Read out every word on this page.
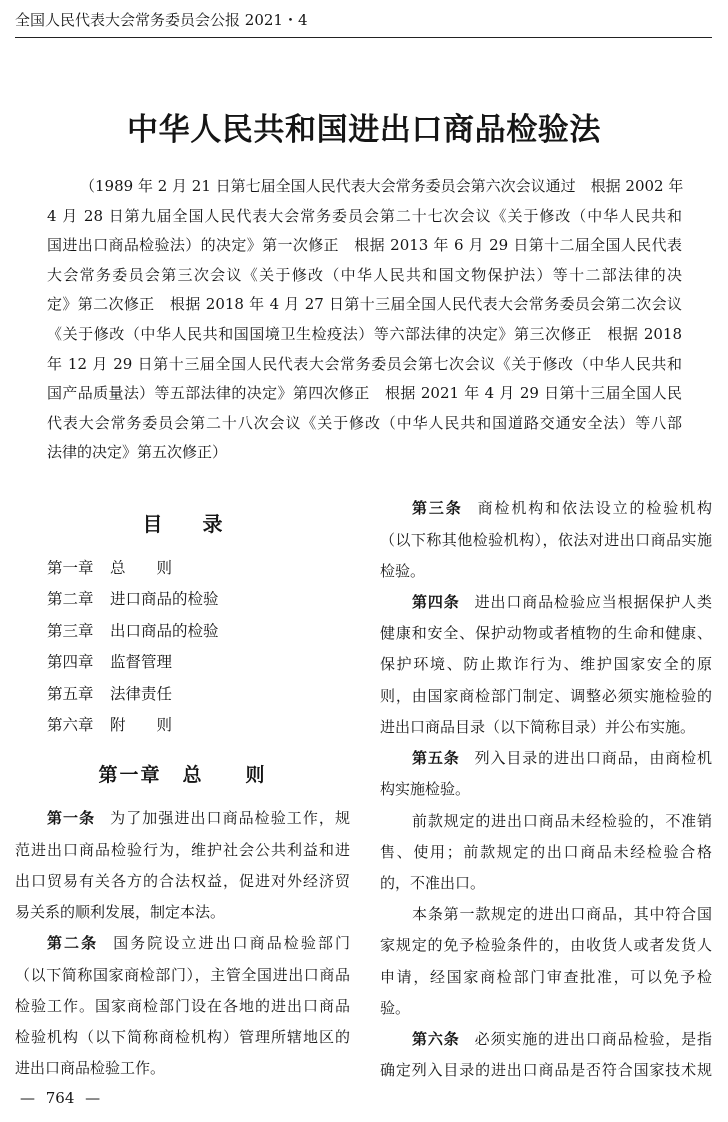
全国人民代表大会常务委员会公报 2021・4
中华人民共和国进出口商品检验法
（1989 年 2 月 21 日第七届全国人民代表大会常务委员会第六次会议通过　根据 2002 年
4 月 28 日第九届全国人民代表大会常务委员会第二十七次会议《关于修改（中华人民共和
国进出口商品检验法）的决定》第一次修正　根据 2013 年 6 月 29 日第十二届全国人民代表
大会常务委员会第三次会议《关于修改（中华人民共和国文物保护法）等十二部法律的决
定》第二次修正　根据 2018 年 4 月 27 日第十三届全国人民代表大会常务委员会第二次会议
《关于修改（中华人民共和国国境卫生检疫法）等六部法律的决定》第三次修正　根据 2018
年 12 月 29 日第十三届全国人民代表大会常务委员会第七次会议《关于修改（中华人民共和
国产品质量法）等五部法律的决定》第四次修正　根据 2021 年 4 月 29 日第十三届全国人民
代表大会常务委员会第二十八次会议《关于修改（中华人民共和国道路交通安全法）等八部
法律的决定》第五次修正）
目　　录
第一章 总　　则
第二章 进口商品的检验
第三章 出口商品的检验
第四章 监督管理
第五章 法律责任
第六章 附　　则
第一章　总　　则
第一条 为了加强进出口商品检验工作，规
范进出口商品检验行为，维护社会公共利益和进
出口贸易有关各方的合法权益，促进对外经济贸
易关系的顺利发展，制定本法。
第二条 国务院设立进出口商品检验部门
（以下简称国家商检部门），主管全国进出口商品
检验工作。国家商检部门设在各地的进出口商品
检验机构（以下简称商检机构）管理所辖地区的
进出口商品检验工作。
第三条 商检机构和依法设立的检验机构
（以下称其他检验机构），依法对进出口商品实施
检验。
第四条 进出口商品检验应当根据保护人类
健康和安全、保护动物或者植物的生命和健康、
保护环境、防止欺诈行为、维护国家安全的原
则，由国家商检部门制定、调整必须实施检验的
进出口商品目录（以下简称目录）并公布实施。
第五条 列入目录的进出口商品，由商检机
构实施检验。
前款规定的进出口商品未经检验的，不准销
售、使用；前款规定的出口商品未经检验合格
的，不准出口。
本条第一款规定的进出口商品，其中符合国
家规定的免予检验条件的，由收货人或者发货人
申请，经国家商检部门审查批准，可以免予检
验。
第六条 必须实施的进出口商品检验，是指
确定列入目录的进出口商品是否符合国家技术规
— 764 —
